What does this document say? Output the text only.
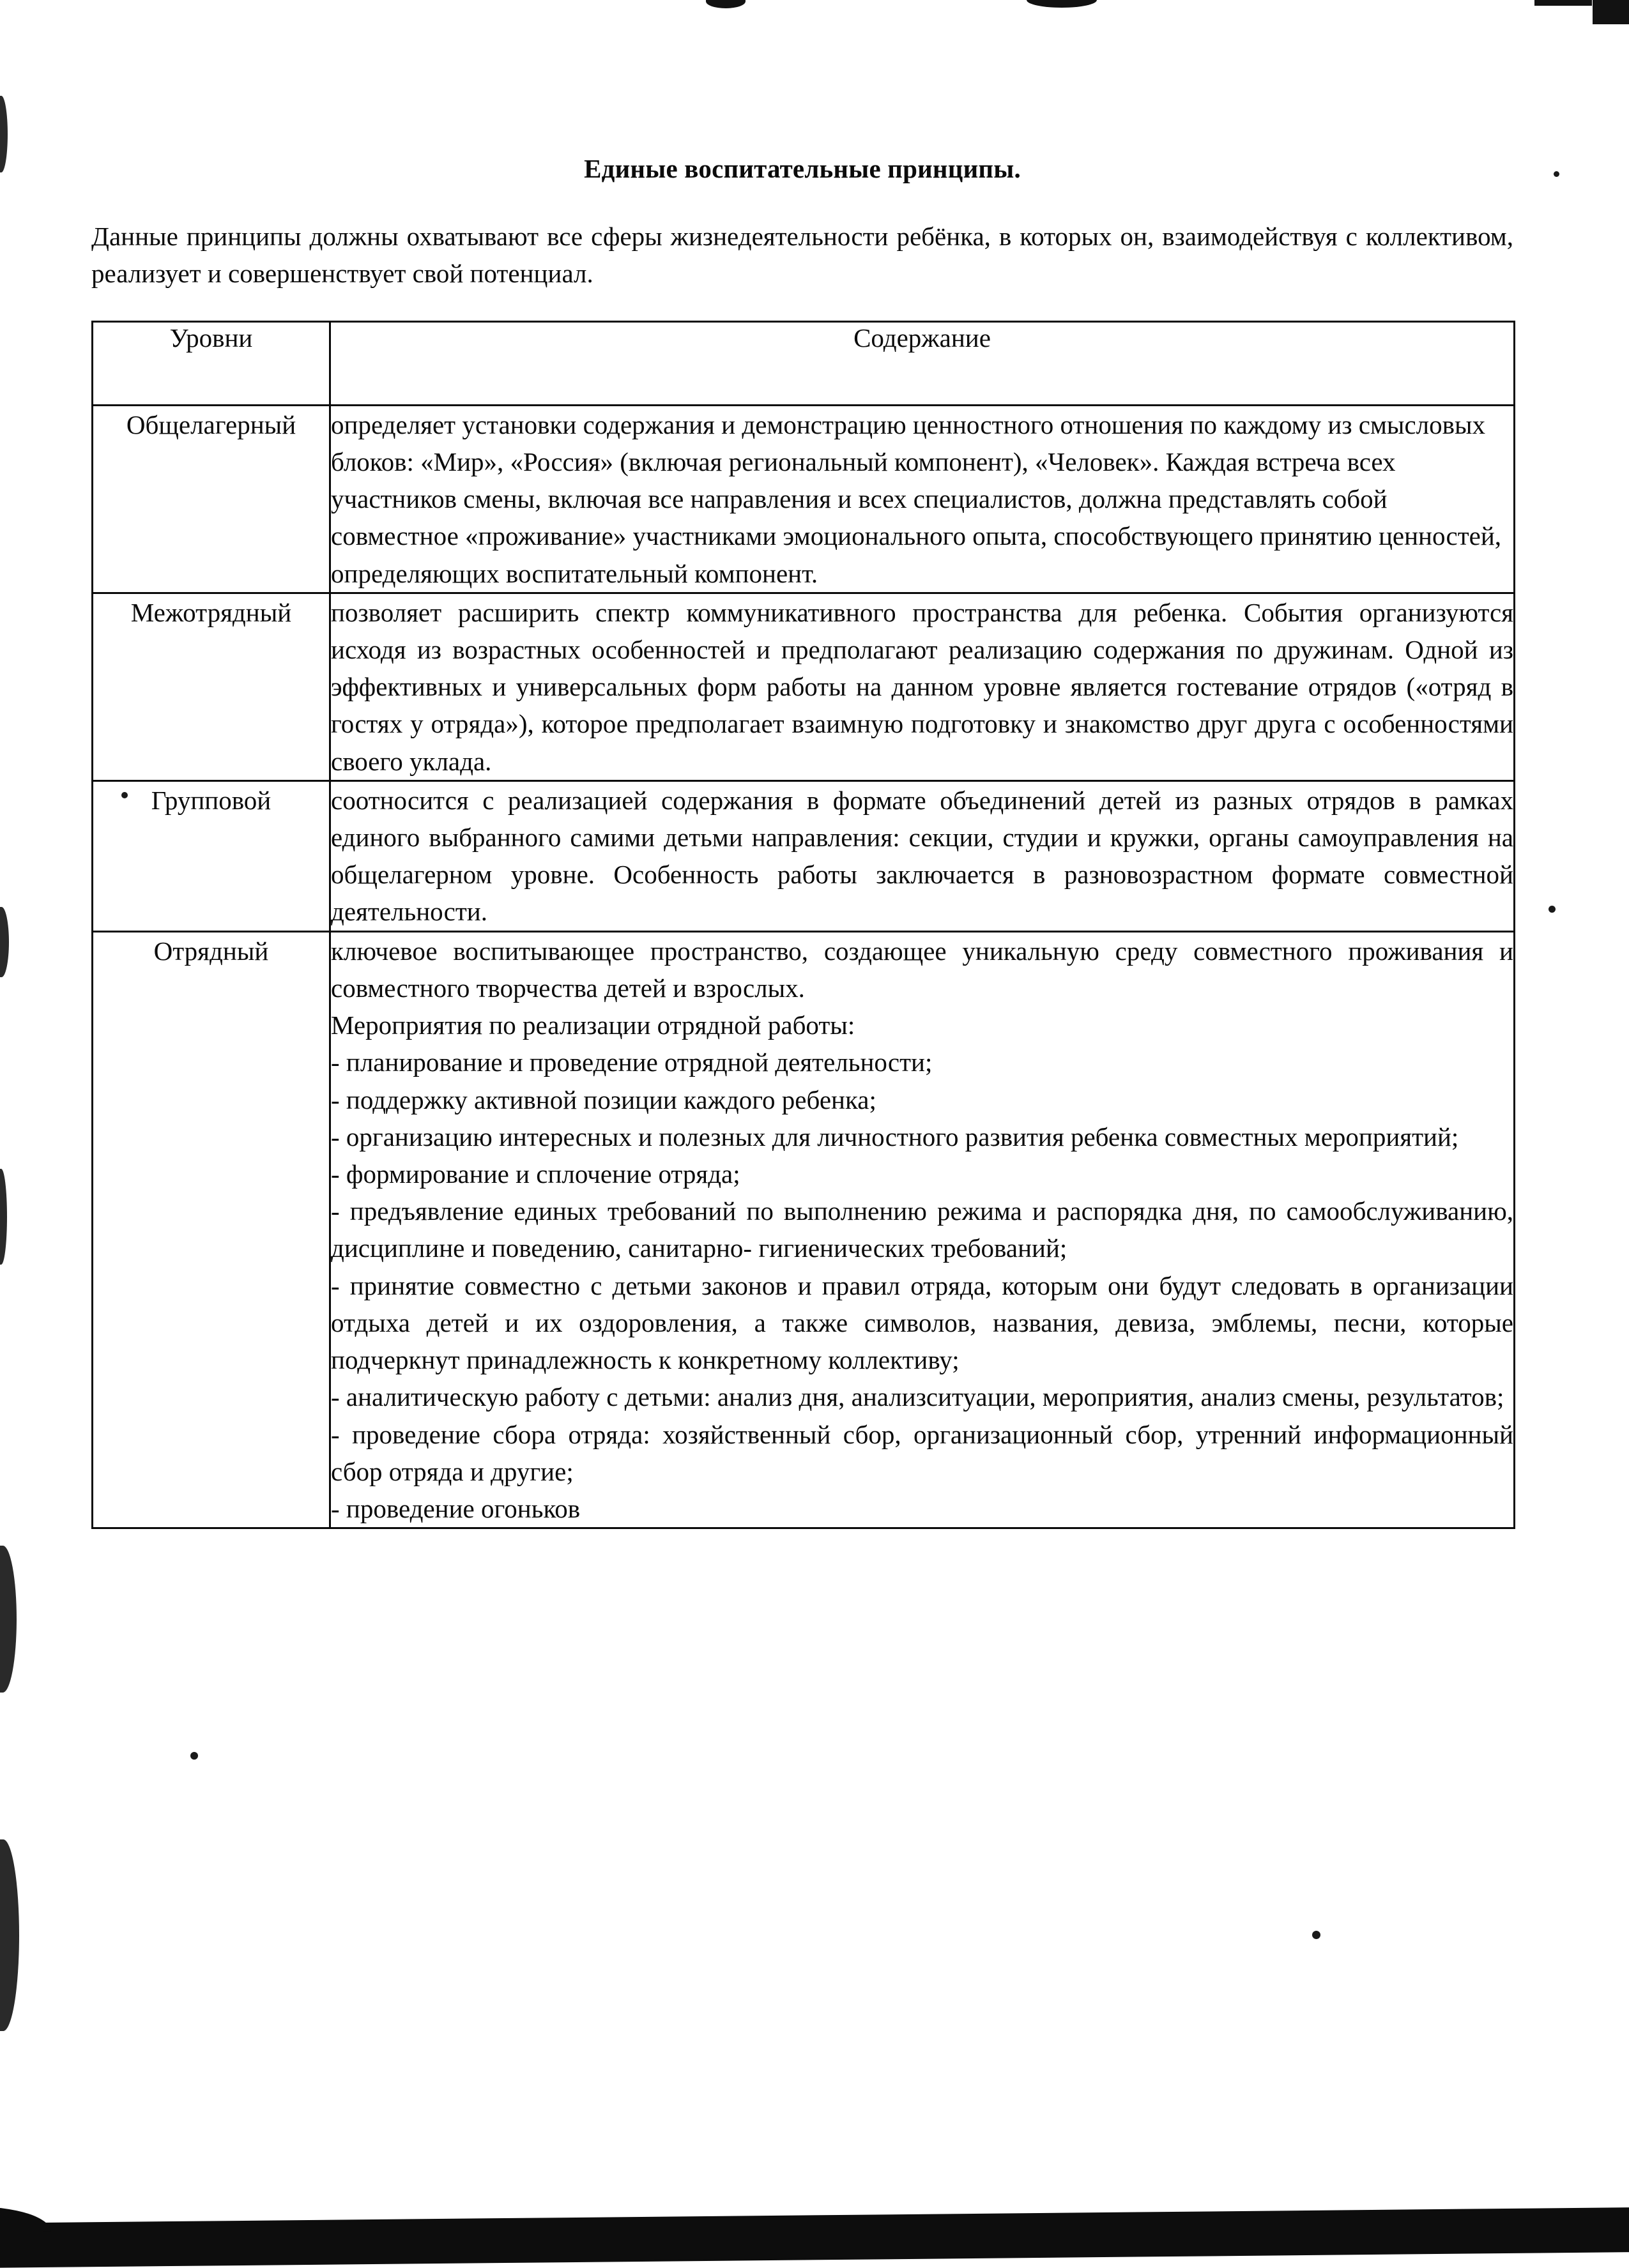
Единые воспитательные принципы.

Данные принципы должны охватывают все сферы жизнедеятельности ребёнка, в которых он, взаимодействуя с коллективом, реализует и совершенствует свой потенциал.

Уровни	Содержание
Общелагерный	определяет установки содержания и демонстрацию ценностного отношения по каждому из смысловых блоков: «Мир», «Россия» (включая региональный компонент), «Человек». Каждая встреча всех участников смены, включая все направления и всех специалистов, должна представлять собой совместное «проживание» участниками эмоционального опыта, способствующего принятию ценностей, определяющих воспитательный компонент.

Межотрядный	позволяет расширить спектр коммуникативного пространства для ребенка. События организуются исходя из возрастных особенностей и предполагают реализацию содержания по дружинам. Одной из эффективных и универсальных форм работы на данном уровне является гостевание отрядов («отряд в гостях у отряда»), которое предполагает взаимную подготовку и знакомство друг друга с особенностями своего уклада.

Групповой	соотносится с реализацией содержания в формате объединений детей из разных отрядов в рамках единого выбранного самими детьми направления: секции, студии и кружки, органы самоуправления на общелагерном уровне. Особенность работы заключается в разновозрастном формате совместной деятельности.

Отрядный	ключевое воспитывающее пространство, создающее уникальную среду совместного проживания и совместного творчества детей и взрослых.

Мероприятия по реализации отрядной работы:

- планирование и проведение отрядной деятельности;

- поддержку активной позиции каждого ребенка;

- организацию интересных и полезных для личностного развития ребенка совместных мероприятий;

- формирование и сплочение отряда;

- предъявление единых требований по выполнению режима и распорядка дня, по самообслуживанию, дисциплине и поведению, санитарно- гигиенических требований;

- принятие совместно с детьми законов и правил отряда, которым они будут следовать в организации отдыха детей и их оздоровления, а также символов, названия, девиза, эмблемы, песни, которые подчеркнут принадлежность к конкретному коллективу;

- аналитическую работу с детьми: анализ дня, анализситуации, мероприятия, анализ смены, результатов;

- проведение сбора отряда: хозяйственный сбор, организационный сбор, утренний информационный сбор отряда и другие;

- проведение огоньков
